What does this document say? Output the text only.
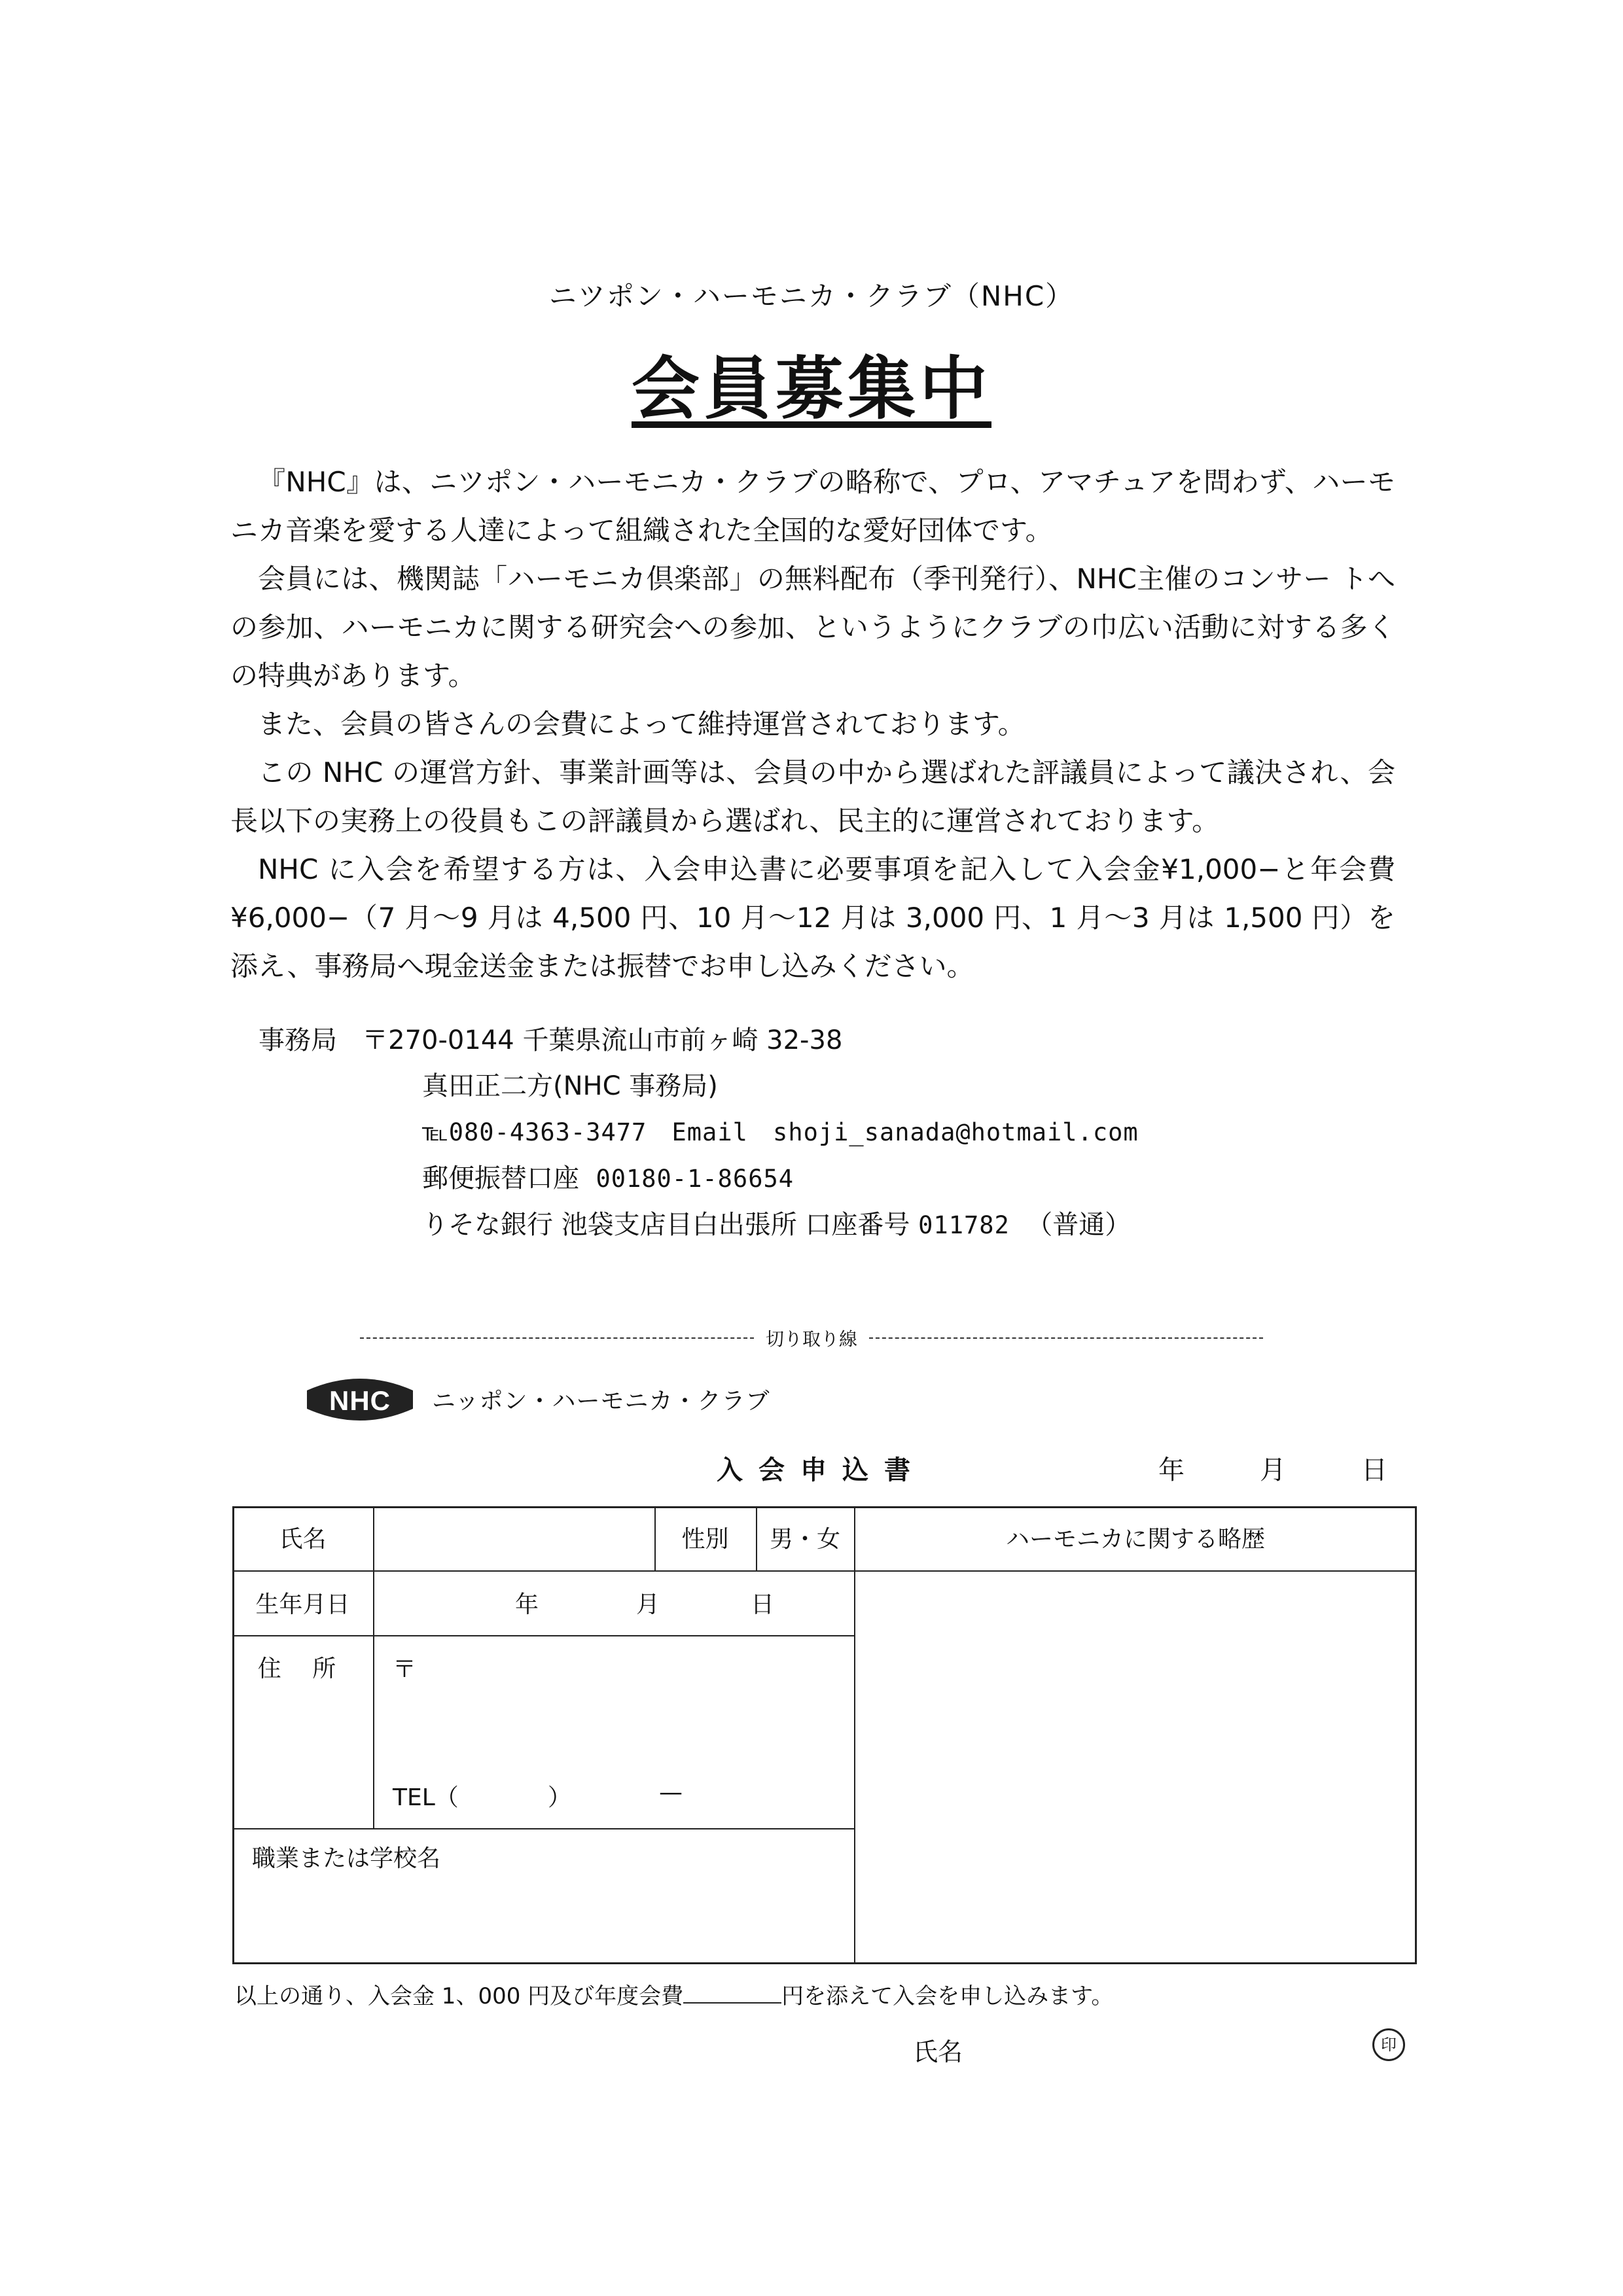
ニツポン・ハーモニカ・クラブ（NHC）
会員募集中

『NHC』は、ニツポン・ハーモニカ・クラブの略称で、プロ、アマチュアを問わず、ハーモニカ音楽を愛する人達によって組織された全国的な愛好団体です。

会員には、機関誌「ハーモニカ倶楽部」の無料配布（季刊発行）、NHC主催のコンサー トへの参加、ハーモニカに関する研究会への参加、というようにクラブの巾広い活動に対する多くの特典があります。

また、会員の皆さんの会費によって維持運営されております。

この NHC の運営方針、事業計画等は、会員の中から選ばれた評議員によって議決され、会長以下の実務上の役員もこの評議員から選ばれ、民主的に運営されております。

NHC に入会を希望する方は、入会申込書に必要事項を記入して入会金¥1,000−と年会費¥6,000−（7 月〜9 月は 4,500 円、10 月〜12 月は 3,000 円、1 月〜3 月は 1,500 円）を添え、事務局へ現金送金または振替でお申し込みください。

事務局 〒270-0144 千葉県流山市前ヶ崎 32-38
真田正二方(NHC 事務局)
℡080-4363-3477 Email shoji_sanada@hotmail.com
郵便振替口座 00180-1-86654
りそな銀行 池袋支店目白出張所 口座番号 011782 （普通）
切り取り線
NHC ニッポン・ハーモニカ・クラブ
入会申込書	年	月	日
氏名	性別	男・女	ハーモニカに関する略歴
生年月日	年	月	日
住 所	〒
TEL（	）	—
職業または学校名
以上の通り、入会金 1、000 円及び年度会費	円を添えて入会を申し込みます。
氏名	印
